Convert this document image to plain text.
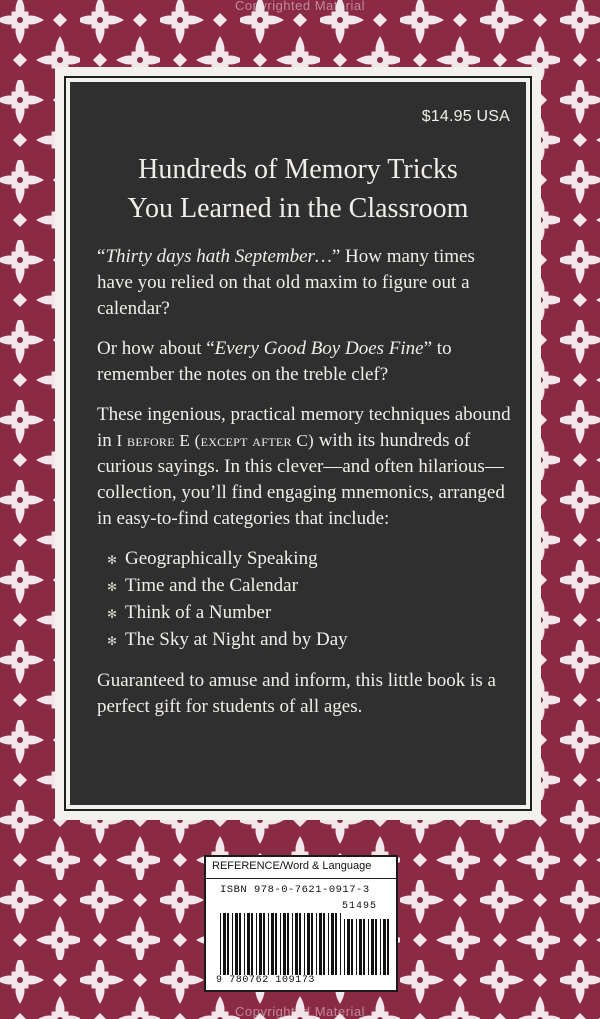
Copyrighted Material
Copyrighted Material
$14.95 USA
Hundreds of Memory Tricks
You Learned in the Classroom

“Thirty days hath September…” How many times have you relied on that old maxim to figure out a calendar?

Or how about “Every Good Boy Does Fine” to remember the notes on the treble clef?

These ingenious, practical memory techniques abound in I before E (except after C) with its hundreds of curious sayings. In this clever—and often hilarious—collection, you’ll find engaging mnemonics, arranged in easy-to-find categories that include:

✻ Geographically Speaking
✻ Time and the Calendar
✻ Think of a Number
✻ The Sky at Night and by Day

Guaranteed to amuse and inform, this little book is a perfect gift for students of all ages.

REFERENCE/Word & Language
ISBN 978-0-7621-0917-3
51495
9 780762 109173
